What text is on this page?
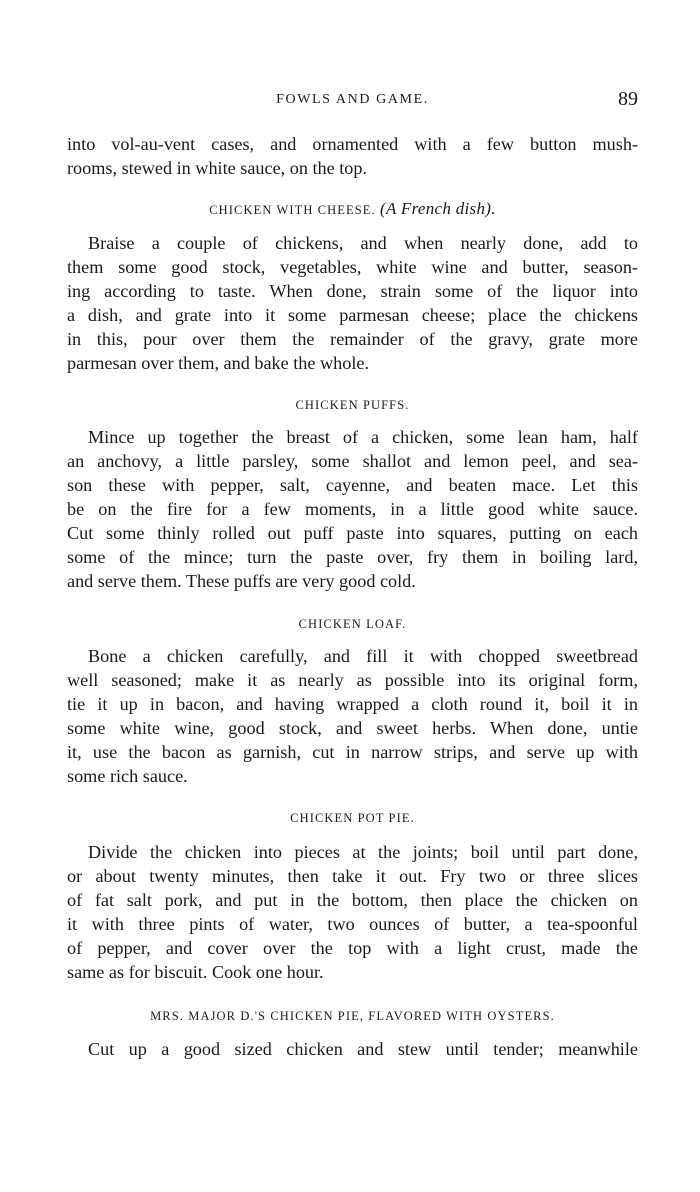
FOWLS AND GAME.	89
into vol-au-vent cases, and ornamented with a few button mush-
rooms, stewed in white sauce, on the top.
CHICKEN WITH CHEESE. (A French dish).
Braise a couple of chickens, and when nearly done, add to
them some good stock, vegetables, white wine and butter, season-
ing according to taste. When done, strain some of the liquor into
a dish, and grate into it some parmesan cheese; place the chickens
in this, pour over them the remainder of the gravy, grate more
parmesan over them, and bake the whole.
CHICKEN PUFFS.
Mince up together the breast of a chicken, some lean ham, half
an anchovy, a little parsley, some shallot and lemon peel, and sea-
son these with pepper, salt, cayenne, and beaten mace. Let this
be on the fire for a few moments, in a little good white sauce.
Cut some thinly rolled out puff paste into squares, putting on each
some of the mince; turn the paste over, fry them in boiling lard,
and serve them. These puffs are very good cold.
CHICKEN LOAF.
Bone a chicken carefully, and fill it with chopped sweetbread
well seasoned; make it as nearly as possible into its original form,
tie it up in bacon, and having wrapped a cloth round it, boil it in
some white wine, good stock, and sweet herbs. When done, untie
it, use the bacon as garnish, cut in narrow strips, and serve up with
some rich sauce.
CHICKEN POT PIE.
Divide the chicken into pieces at the joints; boil until part done,
or about twenty minutes, then take it out. Fry two or three slices
of fat salt pork, and put in the bottom, then place the chicken on
it with three pints of water, two ounces of butter, a tea-spoonful
of pepper, and cover over the top with a light crust, made the
same as for biscuit. Cook one hour.
MRS. MAJOR D.'S CHICKEN PIE, FLAVORED WITH OYSTERS.
Cut up a good sized chicken and stew until tender; meanwhile
